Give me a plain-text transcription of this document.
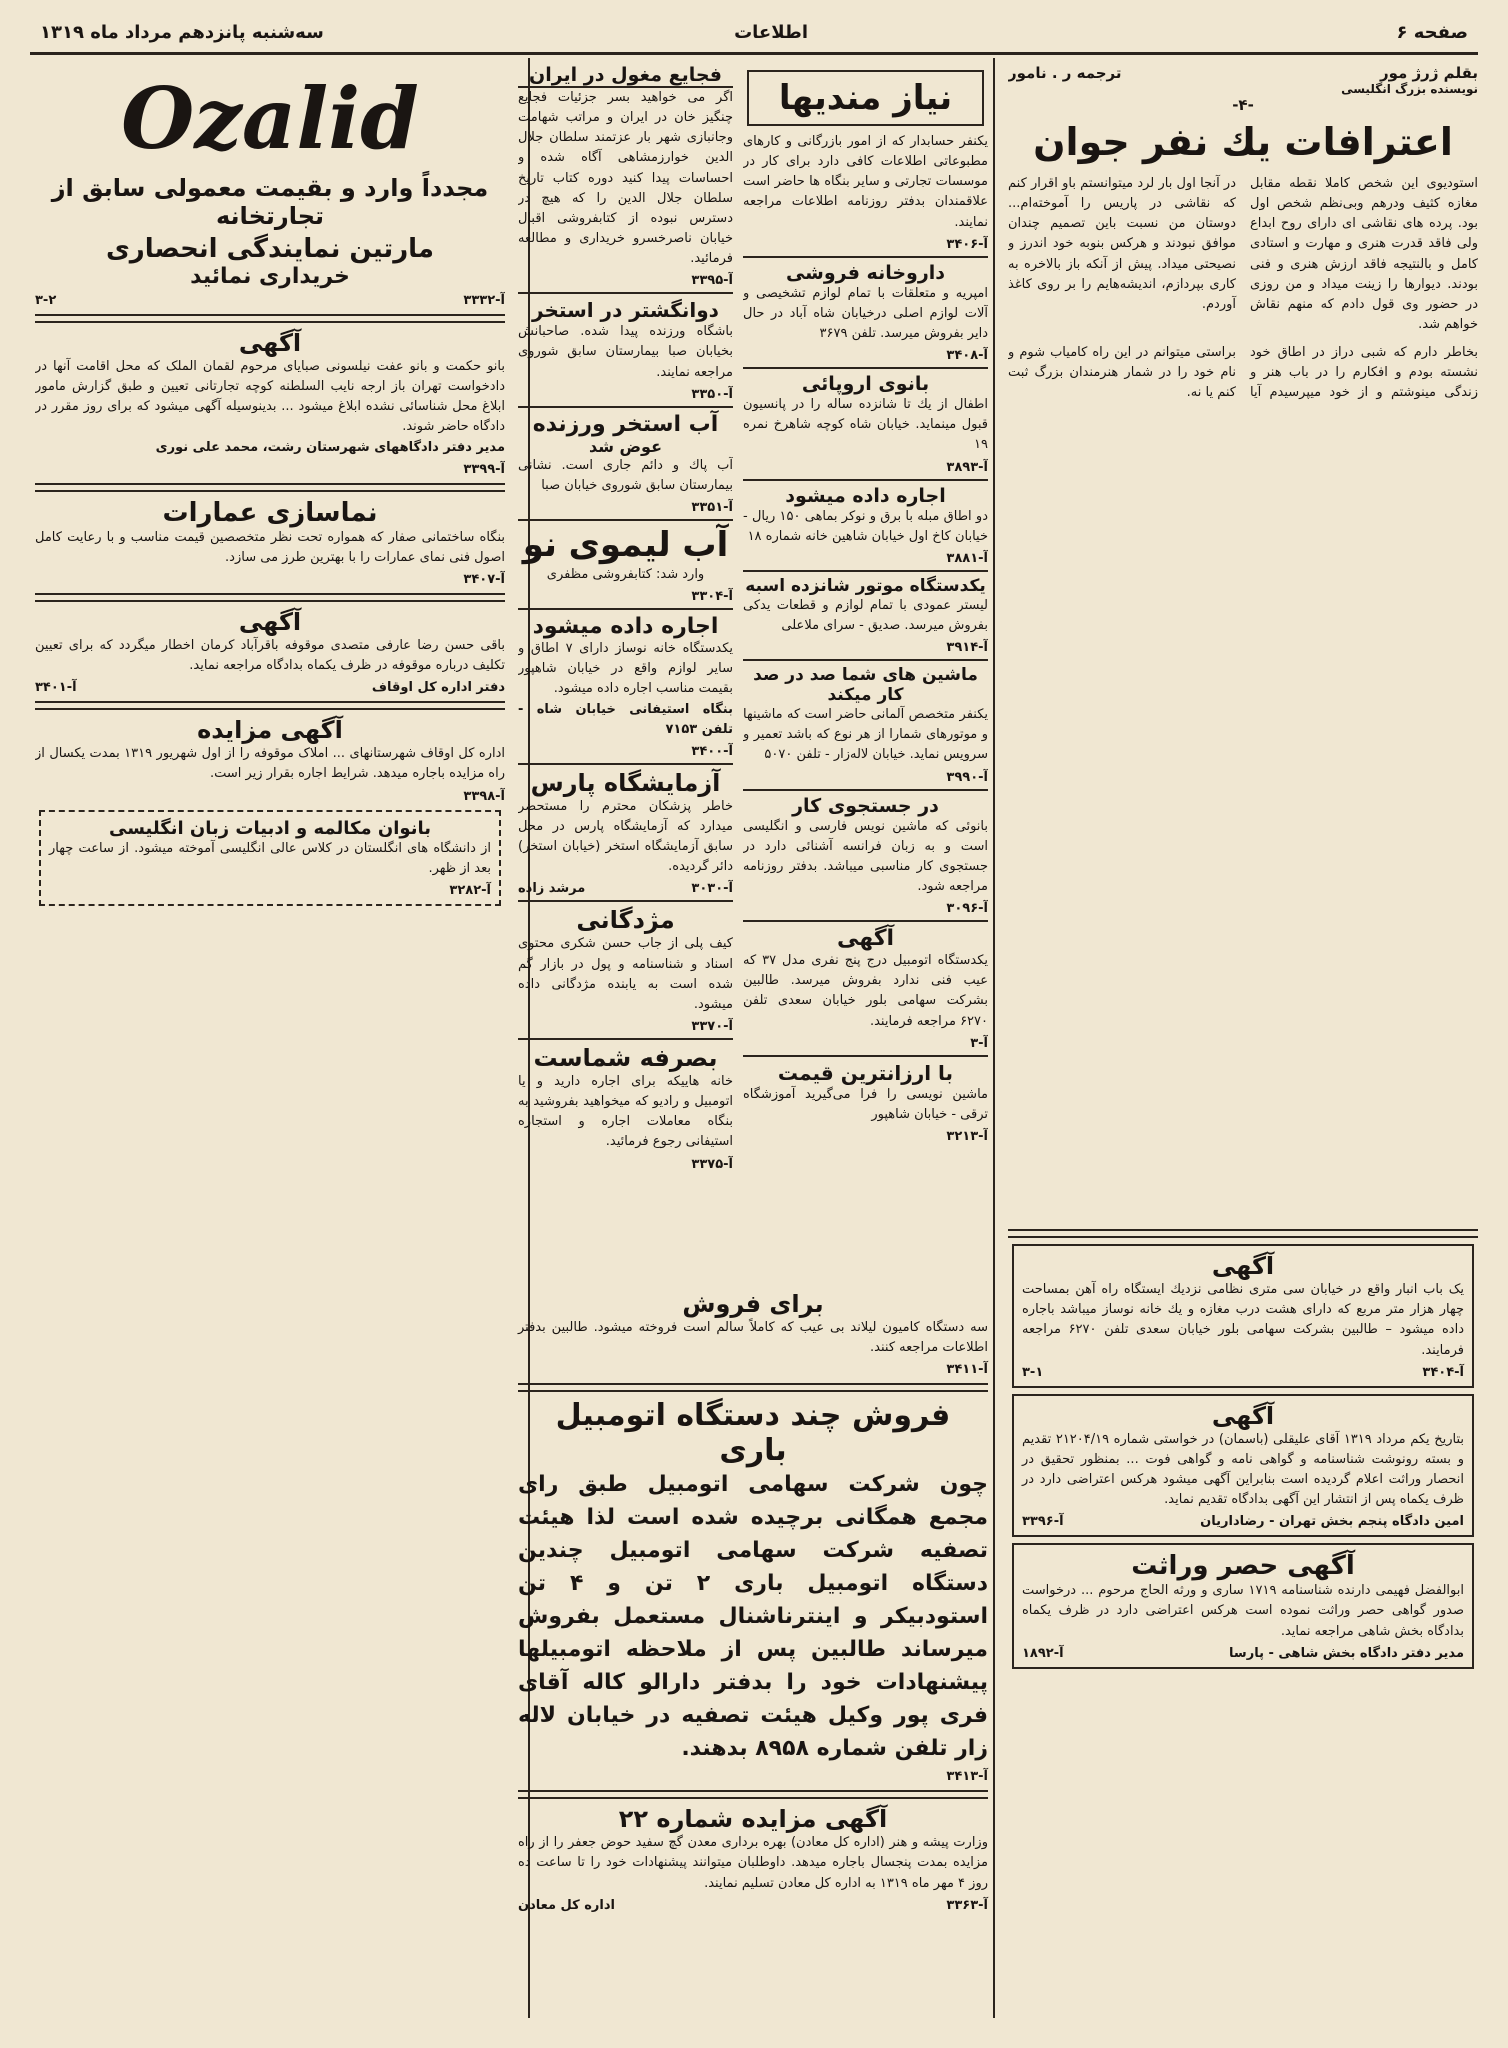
صفحه ۶
اطلاعات
سه‌شنبه پانزدهم مرداد ماه ۱۳۱۹
بقلم ژرژ مور
ترجمه ر . نامور
نویسنده بزرگ انگلیسی
-۴-
اعترافات یك نفر جوان
استودیوی این شخص کاملا نقطه مقابل مغازه کثیف ودرهم وبی‌نظم شخص اول بود. پرده های نقاشی ای دارای روح ابداع ولی فاقد قدرت هنری و مهارت و استادی کامل و بالنتیجه فاقد ارزش هنری و فنی بودند. دیوارها را زینت میداد و من روزی در حضور وی قول دادم که منهم نقاش خواهم شد.
در آنجا اول بار لرد میتوانستم باو اقرار کنم که نقاشی در پاریس را آموخته‌ام... دوستان من نسبت باین تصمیم چندان موافق نبودند و هرکس بنوبه خود اندرز و نصیحتی میداد. پیش از آنکه باز بالاخره به کاری بپردازم، اندیشه‌هایم را بر روی کاغذ آوردم.
بخاطر دارم که شبی دراز در اطاق خود نشسته بودم و افکارم را در باب هنر و زندگی مینوشتم و از خود میپرسیدم آیا براستی میتوانم در این راه کامیاب شوم و نام خود را در شمار هنرمندان بزرگ ثبت کنم یا نه.
آگهی
یک باب انبار واقع در خیابان سی متری نظامی نزدیك ایستگاه راه آهن بمساحت چهار هزار متر مربع که دارای هشت درب مغازه و یك خانه نوساز میباشد باجاره داده میشود – طالبین بشرکت سهامی بلور خیابان سعدی تلفن ۶۲۷۰ مراجعه فرمایند.
آ-۳۴۰۴
۳-۱
آگهی
بتاریخ یکم مرداد ۱۳۱۹ آقای علیقلی (باسمان) در خواستی شماره ۲۱۲۰۴/۱۹ تقدیم و بسته رونوشت شناسنامه و گواهی نامه و گواهی فوت ... بمنظور تحقیق در انحصار وراثت اعلام گردیده است بنابراین آگهی میشود هرکس اعتراضی دارد در ظرف یکماه پس از انتشار این آگهی بدادگاه تقدیم نماید.
امین دادگاه پنجم بخش تهران - رضاداریان
آ-۳۳۹۶
آگهی حصر وراثت
ابوالفضل فهیمی دارنده شناسنامه ۱۷۱۹ ساری و ورثه الحاج مرحوم ... درخواست صدور گواهی حصر وراثت نموده است هرکس اعتراضی دارد در ظرف یکماه بدادگاه بخش شاهی مراجعه نماید.
مدیر دفتر دادگاه بخش شاهی - پارسا
آ-۱۸۹۲
نیاز مندیها
یکنفر حسابدار که از امور بازرگانی و کارهای مطبوعاتی اطلاعات کافی دارد برای کار در موسسات تجارتی و سایر بنگاه ها حاضر است علاقمندان بدفتر روزنامه اطلاعات مراجعه نمایند.
آ-۳۴۰۶
داروخانه فروشی
امپریه و متعلقات با تمام لوازم تشخیصی و آلات لوازم اصلی درخیابان شاه آباد در حال دایر بفروش میرسد. تلفن ۳۶۷۹
آ-۳۴۰۸
بانوی اروپائی
اطفال از یك تا شانزده ساله را در پانسیون قبول مینماید. خیابان شاه کوچه شاهرخ نمره ۱۹
آ-۳۸۹۳
اجاره داده میشود
دو اطاق مبله با برق و نوکر بماهی ۱۵۰ ریال - خیابان کاخ اول خیابان شاهین خانه شماره ۱۸
آ-۳۸۸۱
یکدستگاه موتور شانزده اسبه
لیستر عمودی با تمام لوازم و قطعات یدکی بفروش میرسد. صدیق - سرای ملاعلی
آ-۳۹۱۴
ماشین های شما صد در صد کار میکند
یکنفر متخصص آلمانی حاضر است که ماشینها و موتورهای شمارا از هر نوع که باشد تعمیر و سرویس نماید. خیابان لاله‌زار - تلفن ۵۰۷۰
آ-۳۹۹۰
در جستجوی کار
بانوئی که ماشین نویس فارسی و انگلیسی است و به زبان فرانسه آشنائی دارد در جستجوی کار مناسبی میباشد. بدفتر روزنامه مراجعه شود.
آ-۳۰۹۶
آگهی
یکدستگاه اتومبیل درج پنج نفری مدل ۳۷ که عیب فنی ندارد بفروش میرسد. طالبین بشرکت سهامی بلور خیابان سعدی تلفن ۶۲۷۰ مراجعه فرمایند.
آ-۳
با ارزانترین قیمت
ماشین نویسی را فرا می‌گیرید آموزشگاه ترقی - خیابان شاهپور
آ-۳۲۱۳
فجایع مغول در ایران
اگر می خواهید بسر جزئیات فجایع چنگیز خان در ایران و مراتب شهامت وجانبازی شهر بار عزتمند سلطان جلال الدین خوارزمشاهی آگاه شده و احساسات پیدا کنید دوره کتاب تاریخ سلطان جلال الدین را که هیچ در دسترس نبوده از کتابفروشی اقبال خیابان ناصرخسرو خریداری و مطالعه فرمائید.
آ-۳۳۹۵
دوانگشتر در استخر
باشگاه ورزنده پیدا شده. صاحبانش بخیابان صبا بیمارستان سابق شوروی مراجعه نمایند.
آ-۳۳۵۰
آب استخر ورزنده
عوض شد
آب پاك و دائم جاری است. نشانی بیمارستان سابق شوروی خیابان صبا
آ-۳۳۵۱
آب لیموی نو
وارد شد: کتابفروشی مظفری
آ-۳۳۰۴
اجاره داده میشود
یکدستگاه خانه نوساز دارای ۷ اطاق و سایر لوازم واقع در خیابان شاهپور بقیمت مناسب اجاره داده میشود.
بنگاه استیفانی خیابان شاه - تلفن ۷۱۵۳
آ-۳۴۰۰
آزمایشگاه پارس
خاطر پزشکان محترم را مستحضر میدارد که آزمایشگاه پارس در محل سابق آزمایشگاه استخر (خیابان استخر) دائر گردیده.
آ-۳۰۳۰
مرشد زاده
مژدگانی
کیف پلی از جاب حسن شکری محتوی اسناد و شناسنامه و پول در بازار گم شده است به یابنده مژدگانی داده میشود.
آ-۳۳۷۰
بصرفه شماست
خانه هاییکه برای اجاره دارید و یا اتومبیل و رادیو که میخواهید بفروشید به بنگاه معاملات اجاره و استجاره استیفانی رجوع فرمائید.
آ-۳۳۷۵
Ozalid
مجدداً وارد و بقیمت معمولی سابق از تجارتخانه
مارتین نمایندگی انحصاری
خریداری نمائید
آ-۳۳۳۲
۳-۲
آگهی
بانو حکمت و بانو عفت نیلسونی صبایای مرحوم لقمان الملک که محل اقامت آنها در دادخواست تهران باز ارجه نایب السلطنه کوچه تجارتانی تعیین و طبق گزارش مامور ابلاغ محل شناسائی نشده ابلاغ میشود ... بدینوسیله آگهی میشود که برای روز مقرر در دادگاه حاضر شوند.
مدیر دفتر دادگاههای شهرستان رشت، محمد علی نوری
آ-۳۳۹۹
نماسازی عمارات
بنگاه ساختمانی صفار که همواره تحت نظر متخصصین قیمت مناسب و با رعایت کامل اصول فنی نمای عمارات را با بهترین طرز می سازد.
آ-۳۴۰۷
آگهی
باقی حسن رضا عارفی متصدی موقوفه باقرآباد کرمان اخطار میگردد که برای تعیین تکلیف درباره موقوفه در ظرف یکماه بدادگاه مراجعه نماید.
دفتر اداره کل اوقاف
آ-۳۴۰۱
آگهی مزایده
اداره کل اوقاف شهرستانهای ... املاک موقوفه را از اول شهریور ۱۳۱۹ بمدت یکسال از راه مزایده باجاره میدهد. شرایط اجاره بقرار زیر است.
آ-۳۳۹۸
بانوان مکالمه و ادبیات زبان انگلیسی
از دانشگاه های انگلستان در کلاس عالی انگلیسی آموخته میشود. از ساعت چهار بعد از ظهر.
آ-۳۲۸۲
برای فروش
سه دستگاه کامیون لیلاند بی عیب که کاملاً سالم است فروخته میشود. طالبین بدفتر اطلاعات مراجعه کنند.
آ-۳۴۱۱
فروش چند دستگاه اتومبیل باری
چون شرکت سهامی اتومبیل طبق رای مجمع همگانی برچیده شده است لذا هیئت تصفیه شرکت سهامی اتومبیل چندین دستگاه اتومبیل باری ۲ تن و ۴ تن استودبیکر و اینترناشنال مستعمل بفروش میرساند طالبین پس از ملاحظه اتومبیلها پیشنهادات خود را بدفتر دارالو کاله آقای فری پور وکیل هیئت تصفیه در خیابان لاله زار تلفن شماره ۸۹۵۸ بدهند.
آ-۳۴۱۳
آگهی مزایده شماره ۲۲
وزارت پیشه و هنر (اداره کل معادن) بهره برداری معدن گچ سفید حوض جعفر را از راه مزایده بمدت پنجسال باجاره میدهد. داوطلبان میتوانند پیشنهادات خود را تا ساعت ده روز ۴ مهر ماه ۱۳۱۹ به اداره کل معادن تسلیم نمایند.
آ-۳۳۶۳
اداره کل معادن
